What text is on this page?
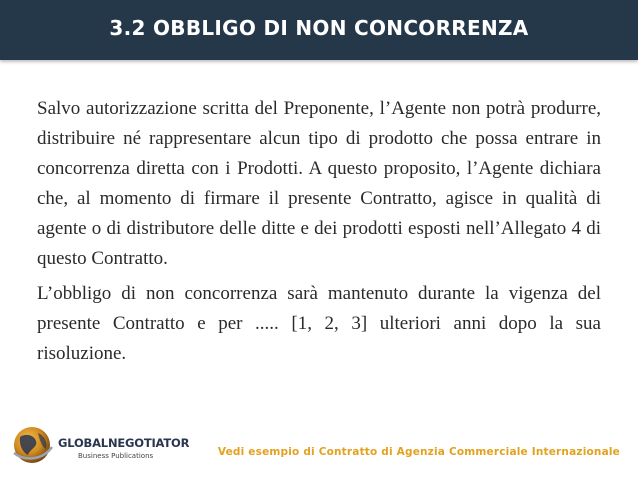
3.2 OBBLIGO DI NON CONCORRENZA

Salvo autorizzazione scritta del Preponente, l’Agente non potrà produrre, distribuire né rappresentare alcun tipo di prodotto che possa entrare in concorrenza diretta con i Prodotti. A questo proposito, l’Agente dichiara che, al momento di firmare il presente Contratto, agisce in qualità di agente o di distributore delle ditte e dei prodotti esposti nell’Allegato 4 di questo Contratto.

L’obbligo di non concorrenza sarà mantenuto durante la vigenza del presente Contratto e per ..... [1, 2, 3] ulteriori anni dopo la sua risoluzione.

GLOBALNEGOTIATOR
Business Publications	Vedi esempio di Contratto di Agenzia Commerciale Internazionale
